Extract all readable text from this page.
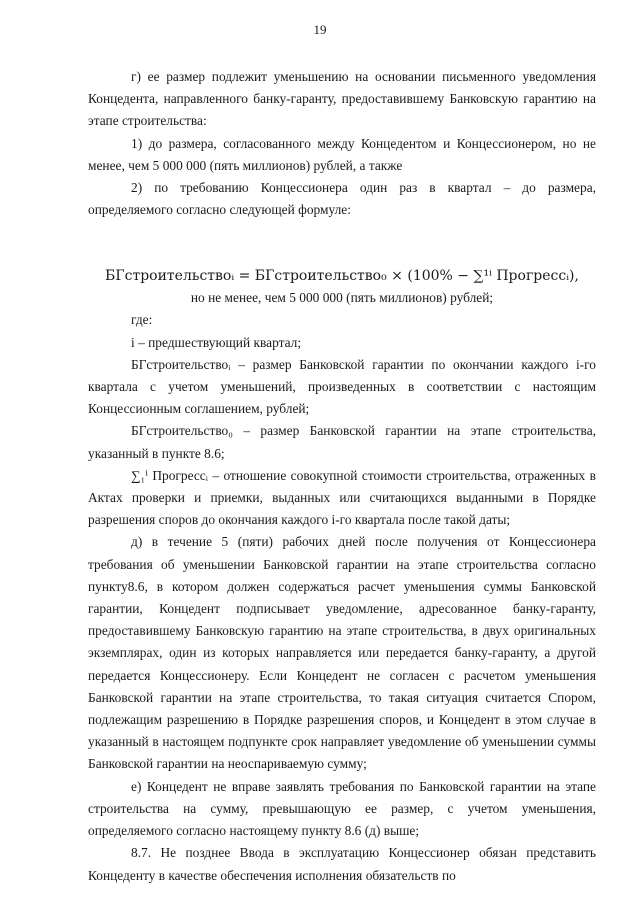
19

г) ее размер подлежит уменьшению на основании письменного уведомления Концедента, направленного банку-гаранту, предоставившему Банковскую гарантию на этапе строительства:

1) до размера, согласованного между Концедентом и Концессионером, но не менее, чем 5 000 000 (пять миллионов) рублей, а также

2) по требованию Концессионера один раз в квартал – до размера, определяемого согласно следующей формуле:

БГстроительствоᵢ = БГстроительство₀ × (100% − ∑¹ⁱ Прогрессᵢ),
но не менее, чем 5 000 000 (пять миллионов) рублей;

где:

i – предшествующий квартал;

БГстроительствоᵢ – размер Банковской гарантии по окончании каждого i-го квартала с учетом уменьшений, произведенных в соответствии с настоящим Концессионным соглашением, рублей;

БГстроительство₀ – размер Банковской гарантии на этапе строительства, указанный в пункте 8.6;

∑₁ⁱ Прогрессᵢ – отношение совокупной стоимости строительства, отраженных в Актах проверки и приемки, выданных или считающихся выданными в Порядке разрешения споров до окончания каждого i-го квартала после такой даты;

д) в течение 5 (пяти) рабочих дней после получения от Концессионера требования об уменьшении Банковской гарантии на этапе строительства согласно пункту8.6, в котором должен содержаться расчет уменьшения суммы Банковской гарантии, Концедент подписывает уведомление, адресованное банку-гаранту, предоставившему Банковскую гарантию на этапе строительства, в двух оригинальных экземплярах, один из которых направляется или передается банку-гаранту, а другой передается Концессионеру. Если Концедент не согласен с расчетом уменьшения Банковской гарантии на этапе строительства, то такая ситуация считается Спором, подлежащим разрешению в Порядке разрешения споров, и Концедент в этом случае в указанный в настоящем подпункте срок направляет уведомление об уменьшении суммы Банковской гарантии на неоспариваемую сумму;

е) Концедент не вправе заявлять требования по Банковской гарантии на этапе строительства на сумму, превышающую ее размер, с учетом уменьшения, определяемого согласно настоящему пункту 8.6 (д) выше;

8.7. Не позднее Ввода в эксплуатацию Концессионер обязан представить Концеденту в качестве обеспечения исполнения обязательств по
